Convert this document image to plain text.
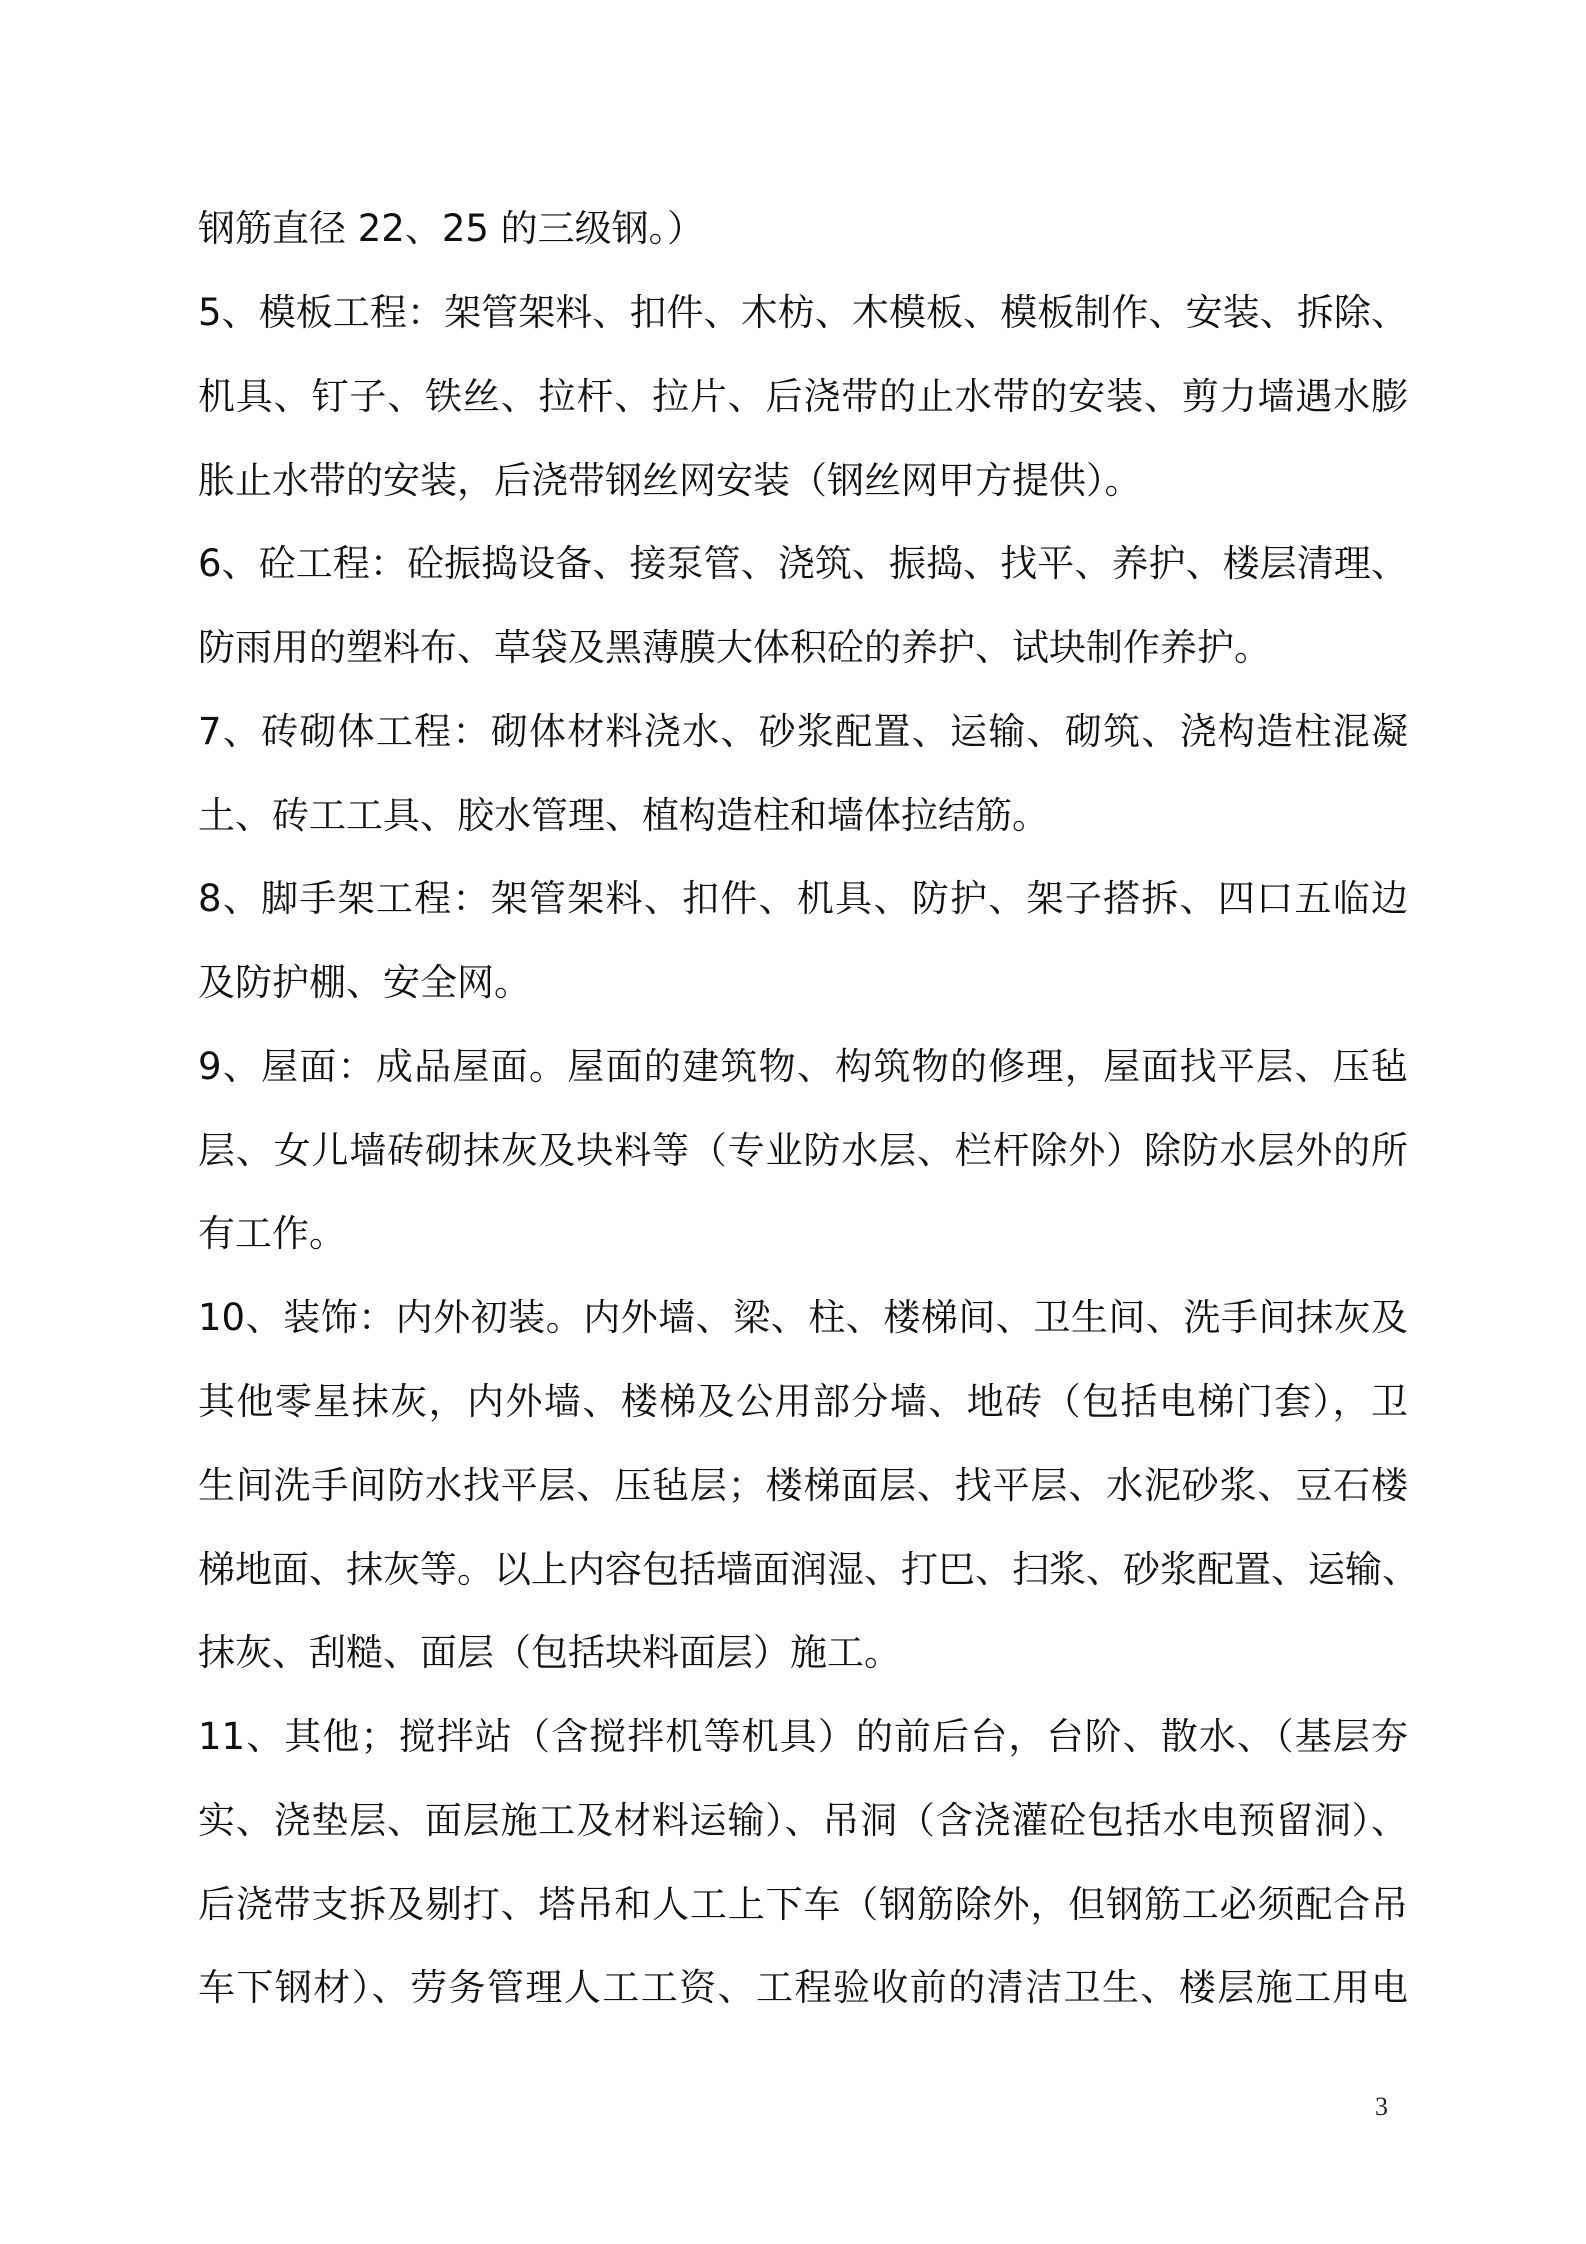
钢筋直径 22、25 的三级钢。）
5、模板工程：架管架料、扣件、木枋、木模板、模板制作、安装、拆除、
机具、钉子、铁丝、拉杆、拉片、后浇带的止水带的安装、剪力墙遇水膨
胀止水带的安装，后浇带钢丝网安装（钢丝网甲方提供）。
6、砼工程：砼振捣设备、接泵管、浇筑、振捣、找平、养护、楼层清理、
防雨用的塑料布、草袋及黑薄膜大体积砼的养护、试块制作养护。
7、砖砌体工程：砌体材料浇水、砂浆配置、运输、砌筑、浇构造柱混凝
土、砖工工具、胶水管理、植构造柱和墙体拉结筋。
8、脚手架工程：架管架料、扣件、机具、防护、架子搭拆、四口五临边
及防护棚、安全网。
9、屋面：成品屋面。屋面的建筑物、构筑物的修理，屋面找平层、压毡
层、女儿墙砖砌抹灰及块料等（专业防水层、栏杆除外）除防水层外的所
有工作。
10、装饰：内外初装。内外墙、梁、柱、楼梯间、卫生间、洗手间抹灰及
其他零星抹灰，内外墙、楼梯及公用部分墙、地砖（包括电梯门套），卫
生间洗手间防水找平层、压毡层；楼梯面层、找平层、水泥砂浆、豆石楼
梯地面、抹灰等。以上内容包括墙面润湿、打巴、扫浆、砂浆配置、运输、
抹灰、刮糙、面层（包括块料面层）施工。
11、其他；搅拌站（含搅拌机等机具）的前后台，台阶、散水、（基层夯
实、浇垫层、面层施工及材料运输）、吊洞（含浇灌砼包括水电预留洞）、
后浇带支拆及剔打、塔吊和人工上下车（钢筋除外，但钢筋工必须配合吊
车下钢材）、劳务管理人工工资、工程验收前的清洁卫生、楼层施工用电
3
